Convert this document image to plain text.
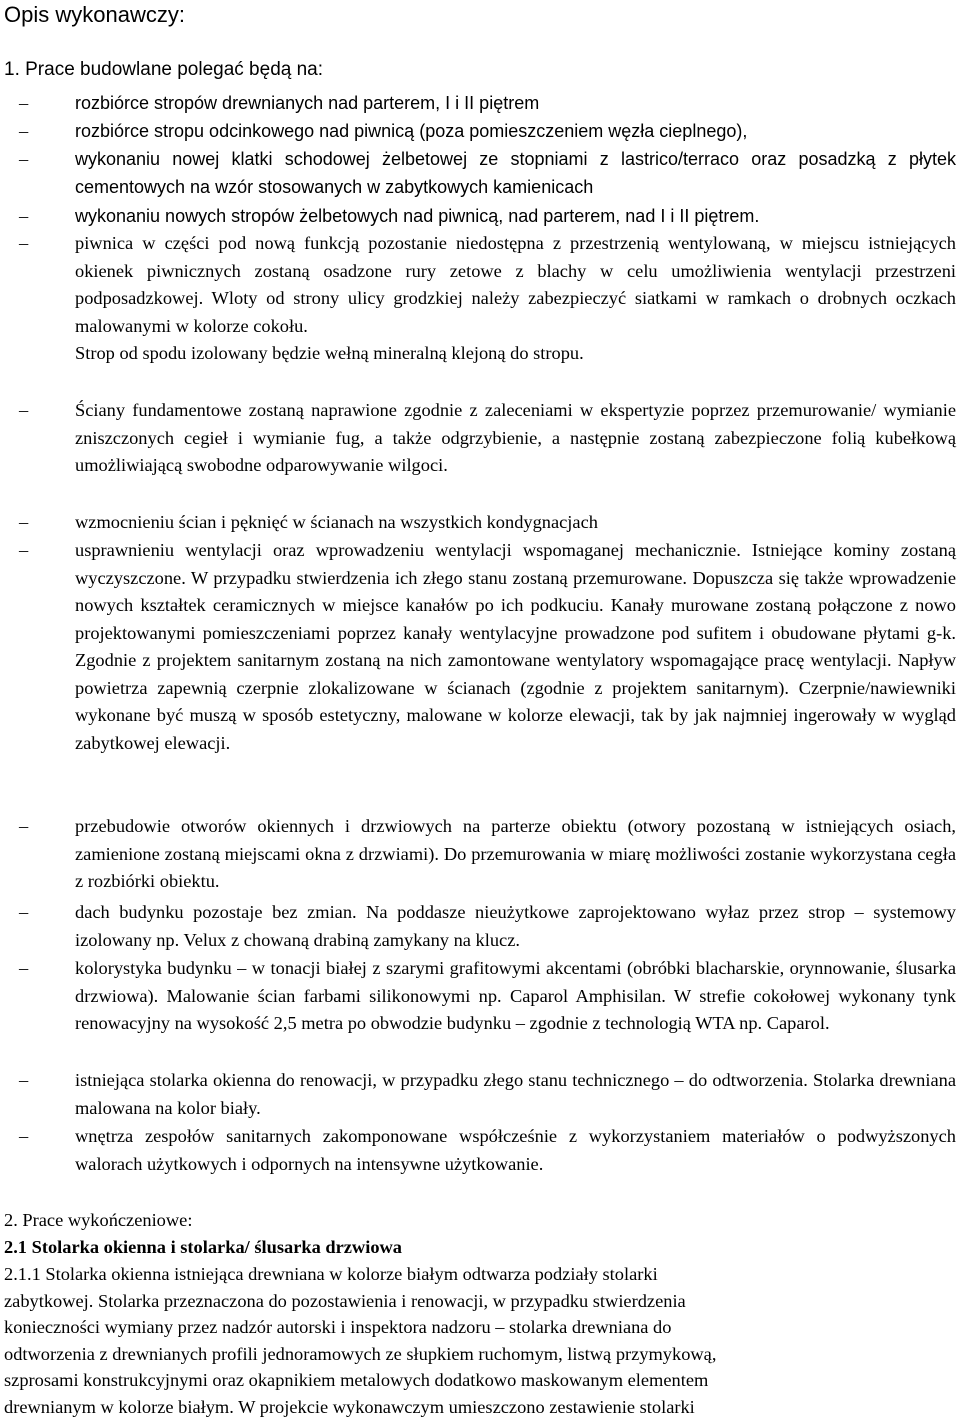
Opis wykonawczy:
1. Prace budowlane polegać będą na:
–	rozbiórce stropów drewnianych nad parterem, I i II piętrem
–	rozbiórce stropu odcinkowego nad piwnicą (poza pomieszczeniem węzła cieplnego),
–	wykonaniu nowej klatki schodowej żelbetowej ze stopniami z lastrico/terraco oraz posadzką z płytek cementowych na wzór stosowanych w zabytkowych kamienicach
–	wykonaniu nowych stropów żelbetowych nad piwnicą, nad parterem, nad I i II piętrem.
–	piwnica w części pod nową funkcją pozostanie niedostępna z przestrzenią wentylowaną, w miejscu istniejących okienek piwnicznych zostaną osadzone rury zetowe z blachy w celu umożliwienia wentylacji przestrzeni podposadzkowej. Wloty od strony ulicy grodzkiej należy zabezpieczyć siatkami w ramkach o drobnych oczkach malowanymi w kolorze cokołu.
Strop od spodu izolowany będzie wełną mineralną klejoną do stropu.
–	Ściany fundamentowe zostaną naprawione zgodnie z zaleceniami w ekspertyzie poprzez przemurowanie/ wymianie zniszczonych cegieł i wymianie fug, a także odgrzybienie, a następnie zostaną zabezpieczone folią kubełkową umożliwiającą swobodne odparowywanie wilgoci.
–	wzmocnieniu ścian i pęknięć w ścianach na wszystkich kondygnacjach
–	usprawnieniu wentylacji oraz wprowadzeniu wentylacji wspomaganej mechanicznie. Istniejące kominy zostaną wyczyszczone. W przypadku stwierdzenia ich złego stanu zostaną przemurowane. Dopuszcza się także wprowadzenie nowych kształtek ceramicznych w miejsce kanałów po ich podkuciu. Kanały murowane zostaną połączone z nowo projektowanymi pomieszczeniami poprzez kanały wentylacyjne prowadzone pod sufitem i obudowane płytami g-k. Zgodnie z projektem sanitarnym zostaną na nich zamontowane wentylatory wspomagające pracę wentylacji. Napływ powietrza zapewnią czerpnie zlokalizowane w ścianach (zgodnie z projektem sanitarnym). Czerpnie/nawiewniki wykonane być muszą w sposób estetyczny, malowane w kolorze elewacji, tak by jak najmniej ingerowały w wygląd zabytkowej elewacji.
–	przebudowie otworów okiennych i drzwiowych na parterze obiektu (otwory pozostaną w istniejących osiach, zamienione zostaną miejscami okna z drzwiami). Do przemurowania w miarę możliwości zostanie wykorzystana cegła z rozbiórki obiektu.
–	dach budynku pozostaje bez zmian. Na poddasze nieużytkowe zaprojektowano wyłaz przez strop – systemowy izolowany np. Velux z chowaną drabiną zamykany na klucz.
–	kolorystyka budynku – w tonacji białej z szarymi grafitowymi akcentami (obróbki blacharskie, orynnowanie, ślusarka drzwiowa). Malowanie ścian farbami silikonowymi np. Caparol Amphisilan. W strefie cokołowej wykonany tynk renowacyjny na wysokość 2,5 metra po obwodzie budynku – zgodnie z technologią WTA np. Caparol.
–	istniejąca stolarka okienna do renowacji, w przypadku złego stanu technicznego – do odtworzenia. Stolarka drewniana malowana na kolor biały.
–	wnętrza zespołów sanitarnych zakomponowane współcześnie z wykorzystaniem materiałów o podwyższonych walorach użytkowych i odpornych na intensywne użytkowanie.
2. Prace wykończeniowe:
2.1 Stolarka okienna i stolarka/ ślusarka drzwiowa
2.1.1 Stolarka okienna istniejąca drewniana w kolorze białym odtwarza podziały stolarki
zabytkowej. Stolarka przeznaczona do pozostawienia i renowacji, w przypadku stwierdzenia
konieczności wymiany przez nadzór autorski i inspektora nadzoru – stolarka drewniana do
odtworzenia z drewnianych profili jednoramowych ze słupkiem ruchomym, listwą przymykową,
szprosami konstrukcyjnymi oraz okapnikiem metalowych dodatkowo maskowanym elementem
drewnianym w kolorze białym. W projekcie wykonawczym umieszczono zestawienie stolarki
